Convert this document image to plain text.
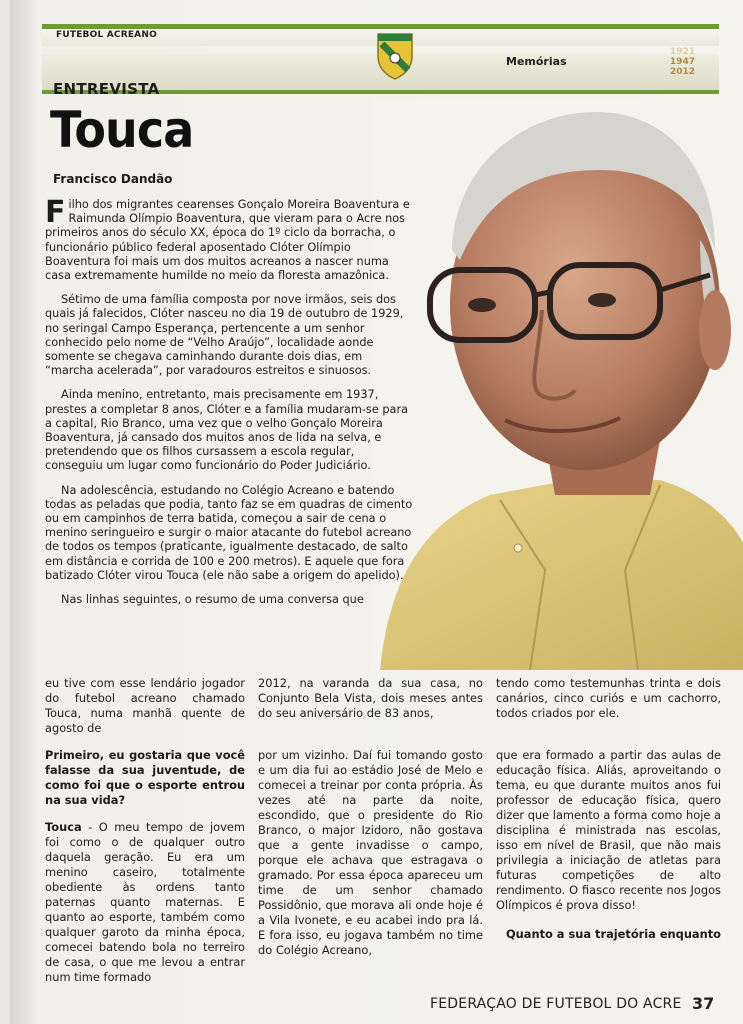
FUTEBOL ACREANO
Memórias
1921
1947
2012
ENTREVISTA
Touca
Francisco Dandão

Filho dos migrantes cearenses Gonçalo Moreira Boaventura e Raimunda Olímpio Boaventura, que vieram para o Acre nos primeiros anos do século XX, época do 1º ciclo da borracha, o funcionário público federal aposentado Clóter Olímpio Boaventura foi mais um dos muitos acreanos a nascer numa casa extremamente humilde no meio da floresta amazônica.

Sétimo de uma família composta por nove irmãos, seis dos quais já falecidos, Clóter nasceu no dia 19 de outubro de 1929, no seringal Campo Esperança, pertencente a um senhor conhecido pelo nome de “Velho Araújo”, localidade aonde somente se chegava caminhando durante dois dias, em “marcha acelerada”, por varadouros estreitos e sinuosos.

Ainda menino, entretanto, mais precisamente em 1937, prestes a completar 8 anos, Clóter e a família mudaram-se para a capital, Rio Branco, uma vez que o velho Gonçalo Moreira Boaventura, já cansado dos muitos anos de lida na selva, e pretendendo que os filhos cursassem a escola regular, conseguiu um lugar como funcionário do Poder Judiciário.

Na adolescência, estudando no Colégio Acreano e batendo todas as peladas que podia, tanto faz se em quadras de cimento ou em campinhos de terra batida, começou a sair de cena o menino seringueiro e surgir o maior atacante do futebol acreano de todos os tempos (praticante, igualmente destacado, de salto em distância e corrida de 100 e 200 metros). E aquele que fora batizado Clóter virou Touca (ele não sabe a origem do apelido).

Nas linhas seguintes, o resumo de uma conversa que

eu tive com esse lendário jogador do futebol acreano chamado Touca, numa manhã quente de agosto de
2012, na varanda da sua casa, no Conjunto Bela Vista, dois meses antes do seu aniversário de 83 anos,
tendo como testemunhas trinta e dois canários, cinco curiós e um cachorro, todos criados por ele.

Primeiro, eu gostaria que você falasse da sua juventude, de como foi que o esporte entrou na sua vida?

Touca - O meu tempo de jovem foi como o de qualquer outro daquela geração. Eu era um menino caseiro, totalmente obediente às ordens tanto paternas quanto maternas. E quanto ao esporte, também como qualquer garoto da minha época, comecei batendo bola no terreiro de casa, o que me levou a entrar num time formado

por um vizinho. Daí fui tomando gosto e um dia fui ao estádio José de Melo e comecei a treinar por conta própria. Às vezes até na parte da noite, escondido, que o presidente do Rio Branco, o major Izidoro, não gostava que a gente invadisse o campo, porque ele achava que estragava o gramado. Por essa época apareceu um time de um senhor chamado Possidônio, que morava ali onde hoje é a Vila Ivonete, e eu acabei indo pra lá. E fora isso, eu jogava também no time do Colégio Acreano,

que era formado a partir das aulas de educação física. Aliás, aproveitando o tema, eu que durante muitos anos fui professor de educação física, quero dizer que lamento a forma como hoje a disciplina é ministrada nas escolas, isso em nível de Brasil, que não mais privilegia a iniciação de atletas para futuras competições de alto rendimento. O fiasco recente nos Jogos Olímpicos é prova disso!

Quanto a sua trajetória enquanto

FEDERAÇAO DE FUTEBOL DO ACRE 37
